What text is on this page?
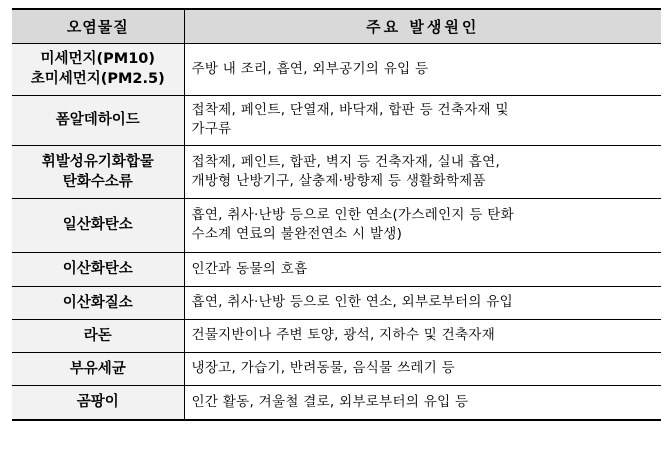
오염물질	주요 발생원인

미세먼지(PM10)
초미세먼지(PM2.5)	주방 내 조리, 흡연, 외부공기의 유입 등

폼알데하이드	접착제, 페인트, 단열재, 바닥재, 합판 등 건축자재 및
가구류

휘발성유기화합물
탄화수소류	접착제, 페인트, 합판, 벽지 등 건축자재, 실내 흡연,
개방형 난방기구, 살충제·방향제 등 생활화학제품

일산화탄소	흡연, 취사·난방 등으로 인한 연소(가스레인지 등 탄화
수소계 연료의 불완전연소 시 발생)

이산화탄소	인간과 동물의 호흡

이산화질소	흡연, 취사·난방 등으로 인한 연소, 외부로부터의 유입

라돈	건물지반이나 주변 토양, 광석, 지하수 및 건축자재

부유세균	냉장고, 가습기, 반려동물, 음식물 쓰레기 등

곰팡이	인간 활동, 겨울철 결로, 외부로부터의 유입 등
